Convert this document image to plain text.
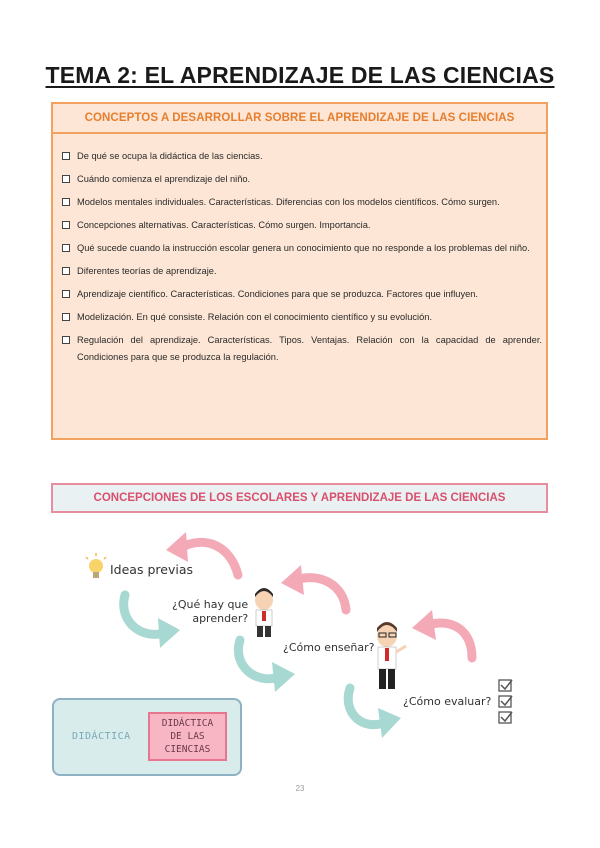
TEMA 2: EL APRENDIZAJE DE LAS CIENCIAS
CONCEPTOS A DESARROLLAR SOBRE EL APRENDIZAJE DE LAS CIENCIAS
De qué se ocupa la didáctica de las ciencias.
Cuándo comienza el aprendizaje del niño.
Modelos mentales individuales. Características. Diferencias con los modelos científicos. Cómo surgen.
Concepciones alternativas. Características. Cómo surgen. Importancia.
Qué sucede cuando la instrucción escolar genera un conocimiento que no responde a los problemas del niño.
Diferentes teorías de aprendizaje.
Aprendizaje científico. Características. Condiciones para que se produzca. Factores que influyen.
Modelización. En qué consiste. Relación con el conocimiento científico y su evolución.
Regulación del aprendizaje. Características. Tipos. Ventajas. Relación con la capacidad de aprender. Condiciones para que se produzca la regulación.
CONCEPCIONES DE LOS ESCOLARES Y APRENDIZAJE DE LAS CIENCIAS
Ideas previas
¿Qué hay que
aprender?
¿Cómo enseñar?
¿Cómo evaluar?
DIDÁCTICA
DIDÁCTICA
DE LAS
CIENCIAS
23
